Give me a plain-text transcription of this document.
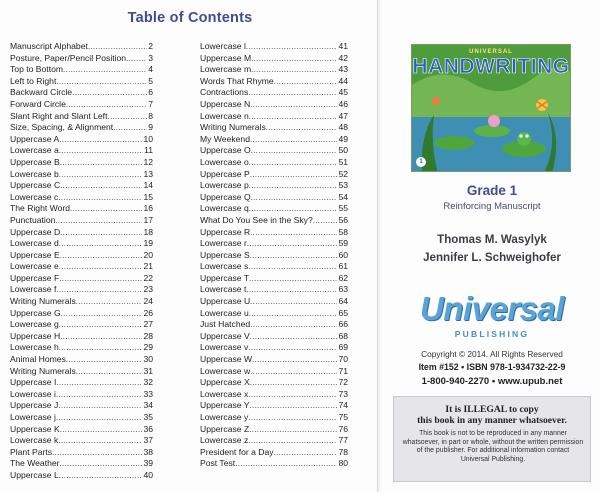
Table of Contents
Manuscript Alphabet .....	2
Posture, Paper/Pencil Position .....	3
Top to Bottom .....	4
Left to Right .....	5
Backward Circle .....	6
Forward Circle .....	7
Slant Right and Slant Left .....	8
Size, Spacing, & Alignment .....	9
Uppercase A .....	10
Lowercase a .....	11
Uppercase B .....	12
Lowercase b .....	13
Uppercase C .....	14
Lowercase c .....	15
The Right Word .....	16
Punctuation .....	17
Uppercase D .....	18
Lowercase d .....	19
Uppercase E .....	20
Lowercase e .....	21
Uppercase F .....	22
Lowercase f .....	23
Writing Numerals .....	24
Uppercase G .....	26
Lowercase g .....	27
Uppercase H .....	28
Lowercase h .....	29
Animal Homes .....	30
Writing Numerals .....	31
Uppercase I .....	32
Lowercase i .....	33
Uppercase J .....	34
Lowercase j .....	35
Uppercase K .....	36
Lowercase k .....	37
Plant Parts .....	38
The Weather .....	39
Uppercase L .....	40
Lowercase l .....	41
Uppercase M .....	42
Lowercase m .....	43
Words That Rhyme .....	44
Contractions .....	45
Uppercase N .....	46
Lowercase n .....	47
Writing Numerals .....	48
My Weekend .....	49
Uppercase O .....	50
Lowercase o .....	51
Uppercase P .....	52
Lowercase p .....	53
Uppercase Q .....	54
Lowercase q .....	55
What Do You See in the Sky? .....	56
Uppercase R .....	58
Lowercase r .....	59
Uppercase S .....	60
Lowercase s .....	61
Uppercase T .....	62
Lowercase t .....	63
Uppercase U .....	64
Lowercase u .....	65
Just Hatched .....	66
Uppercase V .....	68
Lowercase v .....	69
Uppercase W .....	70
Lowercase w .....	71
Uppercase X .....	72
Lowercase x .....	73
Uppercase Y .....	74
Lowercase y .....	75
Uppercase Z .....	76
Lowercase z .....	77
President for a Day .....	78
Post Test .....	80
UNIVERSAL
HANDWRITING
1
Grade 1
Reinforcing Manuscript
Thomas M. Wasylyk
Jennifer L. Schweighofer
Universal
PUBLISHING
Copyright © 2014. All Rights Reserved
Item #152 • ISBN 978-1-934732-22-9
1-800-940-2270 • www.upub.net
It is ILLEGAL to copy
this book in any manner whatsoever.
This book is not to be reproduced in any manner whatsoever, in part or whole, without the written permission of the publisher. For additional information contact Universal Publishing.
